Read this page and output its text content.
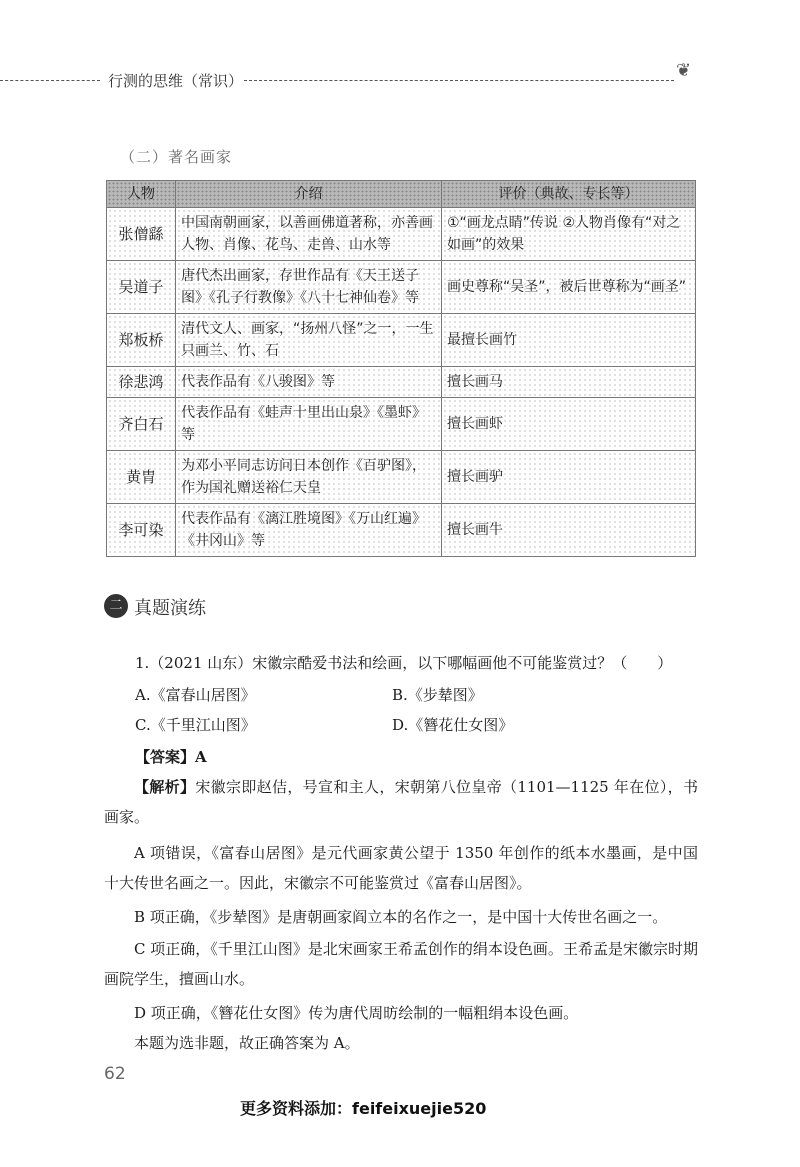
行测的思维（常识）	❦
（二）著名画家
人物	介绍	评价（典故、专长等）
张僧繇	中国南朝画家，以善画佛道著称，亦善画人物、肖像、花鸟、走兽、山水等	①“画龙点睛”传说 ②人物肖像有“对之如画”的效果
吴道子	唐代杰出画家，存世作品有《天王送子图》《孔子行教像》《八十七神仙卷》等	画史尊称“吴圣”，被后世尊称为“画圣”
郑板桥	清代文人、画家，“扬州八怪”之一，一生只画兰、竹、石	最擅长画竹
徐悲鸿	代表作品有《八骏图》等	擅长画马
齐白石	代表作品有《蛙声十里出山泉》《墨虾》等	擅长画虾
黄胄	为邓小平同志访问日本创作《百驴图》，作为国礼赠送裕仁天皇	擅长画驴
李可染	代表作品有《漓江胜境图》《万山红遍》《井冈山》等	擅长画牛
二 真题演练
1.（2021 山东）宋徽宗酷爱书法和绘画，以下哪幅画他不可能鉴赏过？（　　）
A.《富春山居图》	B.《步辇图》
C.《千里江山图》	D.《簪花仕女图》
【答案】A
【解析】宋徽宗即赵佶，号宣和主人，宋朝第八位皇帝（1101—1125 年在位），书画家。
A 项错误，《富春山居图》是元代画家黄公望于 1350 年创作的纸本水墨画，是中国十大传世名画之一。因此，宋徽宗不可能鉴赏过《富春山居图》。
B 项正确，《步辇图》是唐朝画家阎立本的名作之一，是中国十大传世名画之一。
C 项正确，《千里江山图》是北宋画家王希孟创作的绢本设色画。王希孟是宋徽宗时期画院学生，擅画山水。
D 项正确，《簪花仕女图》传为唐代周昉绘制的一幅粗绢本设色画。
本题为选非题，故正确答案为 A。
62
更多资料添加：feifeixuejie520
